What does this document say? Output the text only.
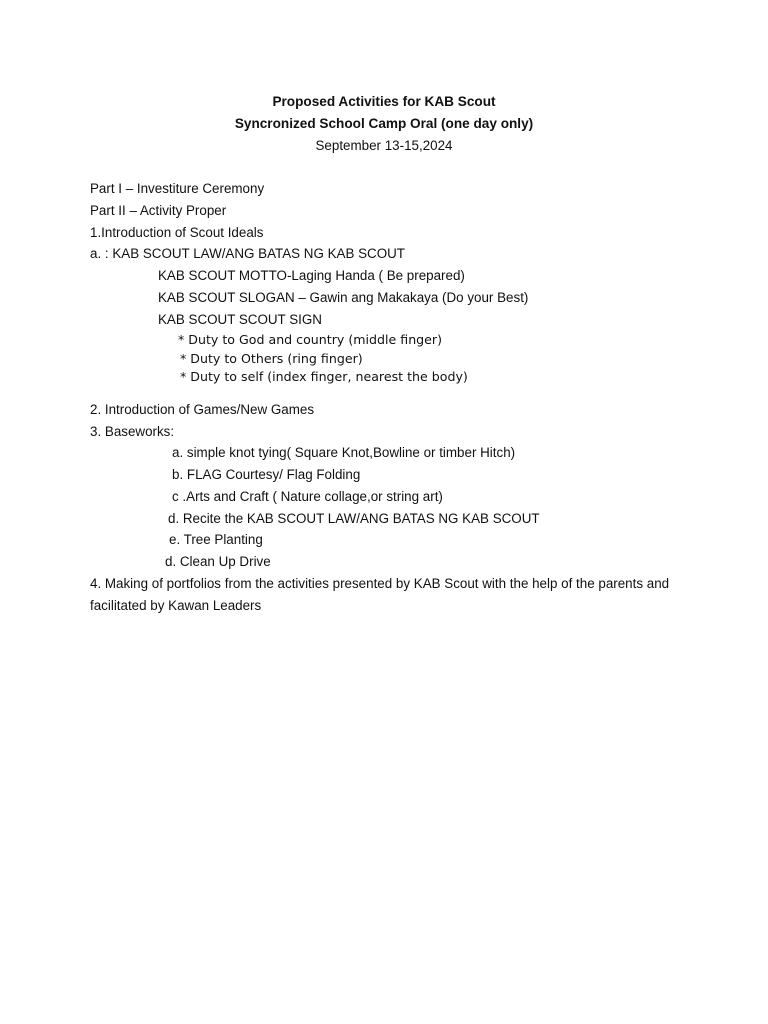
Proposed Activities for KAB Scout
Syncronized School Camp Oral (one day only)
September 13-15,2024
Part I – Investiture Ceremony
Part II – Activity Proper
1.Introduction of Scout Ideals
a. : KAB SCOUT LAW/ANG BATAS NG KAB SCOUT
KAB SCOUT MOTTO-Laging Handa ( Be prepared)
KAB SCOUT SLOGAN – Gawin ang Makakaya (Do your Best)
KAB SCOUT SCOUT SIGN
* Duty to God and country (middle finger)
* Duty to Others (ring finger)
* Duty to self (index finger, nearest the body)
2. Introduction of Games/New Games
3. Baseworks:
a. simple knot tying( Square Knot,Bowline or timber Hitch)
b. FLAG Courtesy/ Flag Folding
c .Arts and Craft ( Nature collage,or string art)
d. Recite the KAB SCOUT LAW/ANG BATAS NG KAB SCOUT
e. Tree Planting
d. Clean Up Drive
4. Making of portfolios from the activities presented by KAB Scout with the help of the parents and facilitated by Kawan Leaders
